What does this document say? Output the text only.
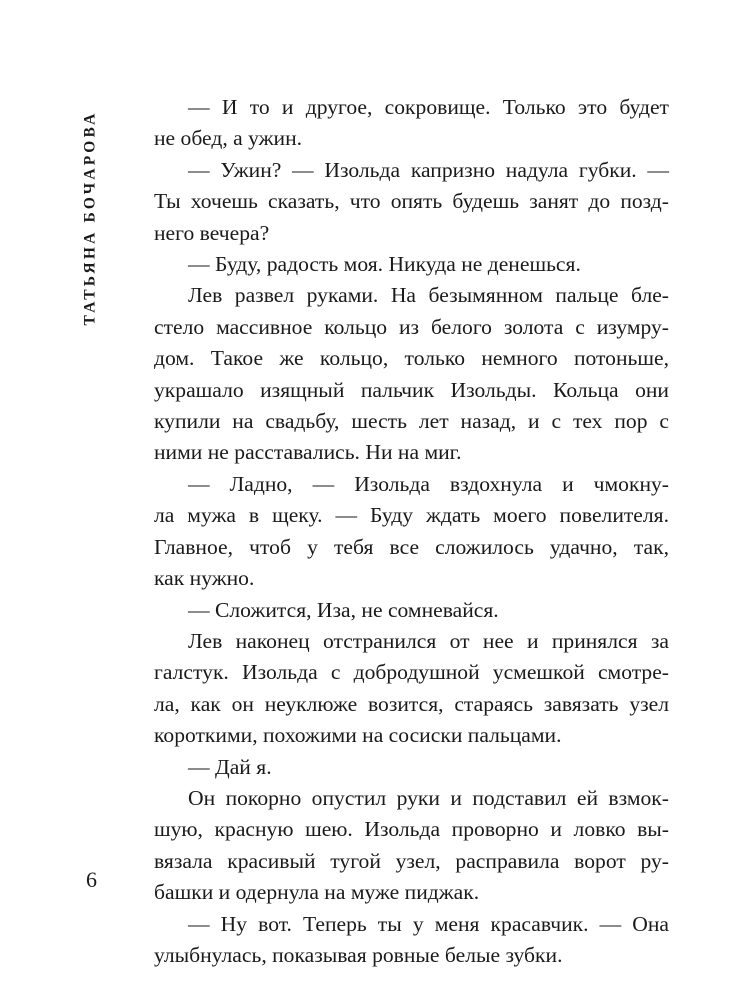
ТАТЬЯНА БОЧАРОВА
— И то и другое, сокровище. Только это будет
не обед, а ужин.
— Ужин? — Изольда капризно надула губки. —
Ты хочешь сказать, что опять будешь занят до позд-
него вечера?
— Буду, радость моя. Никуда не денешься.
Лев развел руками. На безымянном пальце бле-
стело массивное кольцо из белого золота с изумру-
дом. Такое же кольцо, только немного потоньше,
украшало изящный пальчик Изольды. Кольца они
купили на свадьбу, шесть лет назад, и с тех пор с
ними не расставались. Ни на миг.
— Ладно, — Изольда вздохнула и чмокну-
ла мужа в щеку. — Буду ждать моего повелителя.
Главное, чтоб у тебя все сложилось удачно, так,
как нужно.
— Сложится, Иза, не сомневайся.
Лев наконец отстранился от нее и принялся за
галстук. Изольда с добродушной усмешкой смотре-
ла, как он неуклюже возится, стараясь завязать узел
короткими, похожими на сосиски пальцами.
— Дай я.
Он покорно опустил руки и подставил ей взмок-
шую, красную шею. Изольда проворно и ловко вы-
вязала красивый тугой узел, расправила ворот ру-
башки и одернула на муже пиджак.
— Ну вот. Теперь ты у меня красавчик. — Она
улыбнулась, показывая ровные белые зубки.
6
